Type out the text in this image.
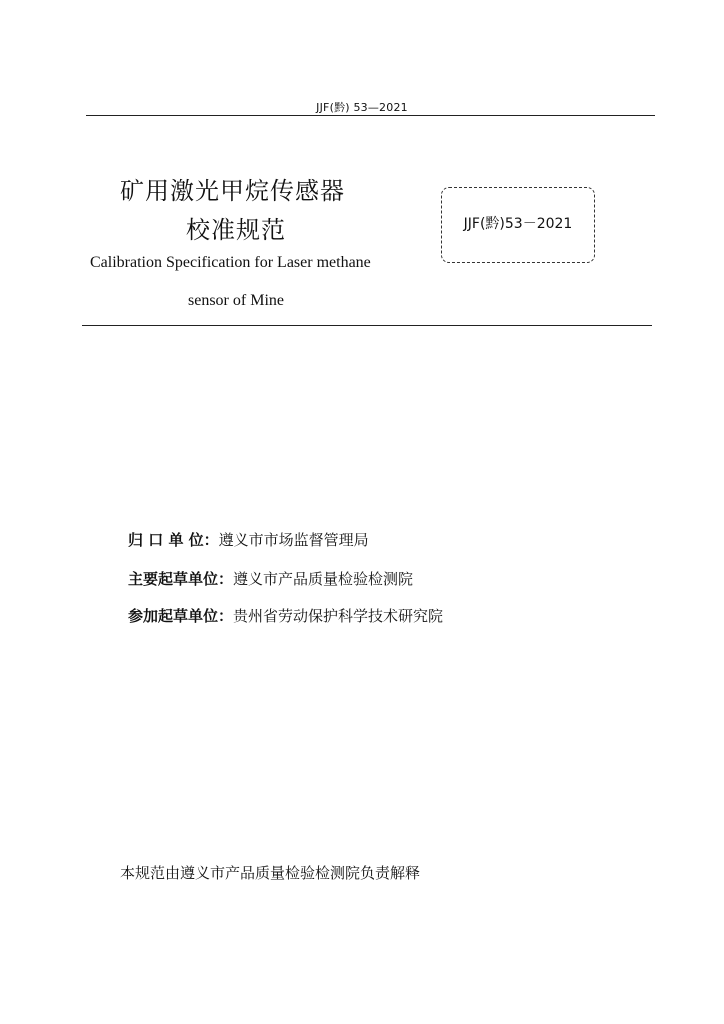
JJF(黔) 53—2021
矿用激光甲烷传感器
校准规范
Calibration Specification for Laser methane
sensor of Mine
JJF(黔)53－2021
归 口 单 位：遵义市市场监督管理局
主要起草单位：遵义市产品质量检验检测院
参加起草单位：贵州省劳动保护科学技术研究院
本规范由遵义市产品质量检验检测院负责解释
